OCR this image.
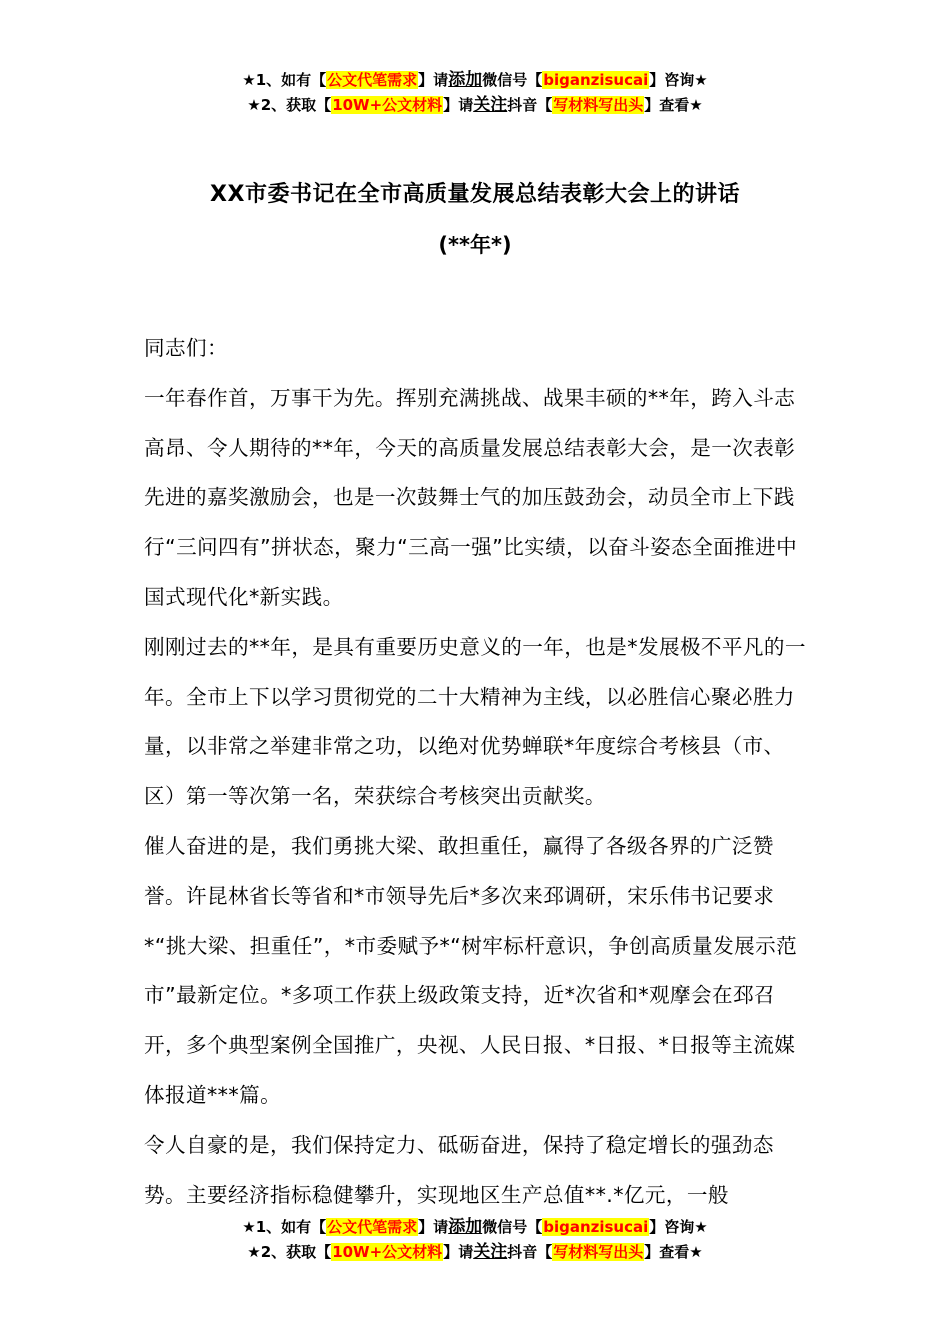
★1、如有【公文代笔需求】请添加微信号【biganzisucai】咨询★
★2、获取【10W+公文材料】请关注抖音【写材料写出头】查看★
XX市委书记在全市高质量发展总结表彰大会上的讲话
(**年*)

同志们：

一年春作首，万事干为先。挥别充满挑战、战果丰硕的**年，跨入斗志高昂、令人期待的**年，今天的高质量发展总结表彰大会，是一次表彰先进的嘉奖激励会，也是一次鼓舞士气的加压鼓劲会，动员全市上下践行“三问四有”拼状态，聚力“三高一强”比实绩，以奋斗姿态全面推进中国式现代化*新实践。

刚刚过去的**年，是具有重要历史意义的一年，也是*发展极不平凡的一年。全市上下以学习贯彻党的二十大精神为主线，以必胜信心聚必胜力量，以非常之举建非常之功，以绝对优势蝉联*年度综合考核县（市、区）第一等次第一名，荣获综合考核突出贡献奖。

催人奋进的是，我们勇挑大梁、敢担重任，赢得了各级各界的广泛赞誉。许昆林省长等省和*市领导先后*多次来邳调研，宋乐伟书记要求*“挑大梁、担重任”，*市委赋予*“树牢标杆意识，争创高质量发展示范市”最新定位。*多项工作获上级政策支持，近*次省和*观摩会在邳召开，多个典型案例全国推广，央视、人民日报、*日报、*日报等主流媒体报道***篇。

令人自豪的是，我们保持定力、砥砺奋进，保持了稳定增长的强劲态势。主要经济指标稳健攀升，实现地区生产总值**.*亿元，一般

★1、如有【公文代笔需求】请添加微信号【biganzisucai】咨询★
★2、获取【10W+公文材料】请关注抖音【写材料写出头】查看★
